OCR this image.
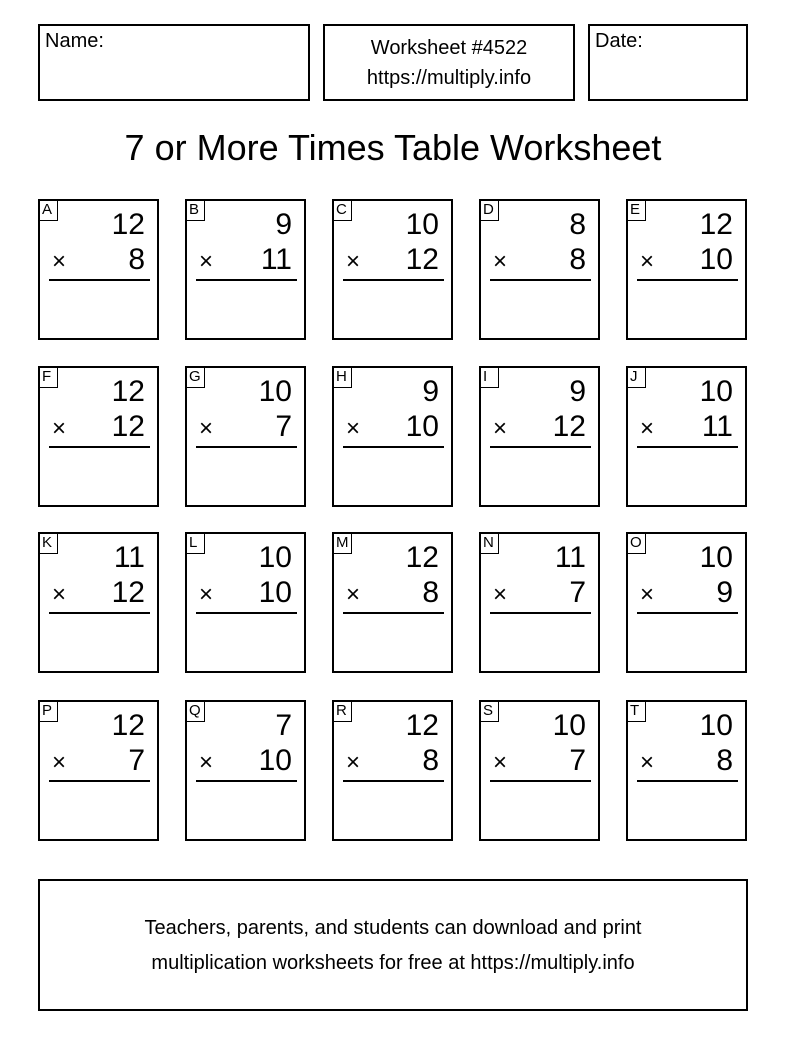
Name:	Worksheet #4522
https://multiply.info
Date:
7 or More Times Table Worksheet
A 12
× 8
B	9
× 11
C 10
× 12
D	8
× 8
E 12
× 10
F 12
× 12
G 10
× 7
H	9
× 10
I	9
× 12
J 10
× 11
K 11
× 12
L 10
× 10
M 12
× 8
N 11
× 7
O 10
× 9
P 12
× 7
Q 7
× 10
R 12
× 8
S 10
× 7
T 10
× 8
Teachers, parents, and students can download and print
multiplication worksheets for free at https://multiply.info
